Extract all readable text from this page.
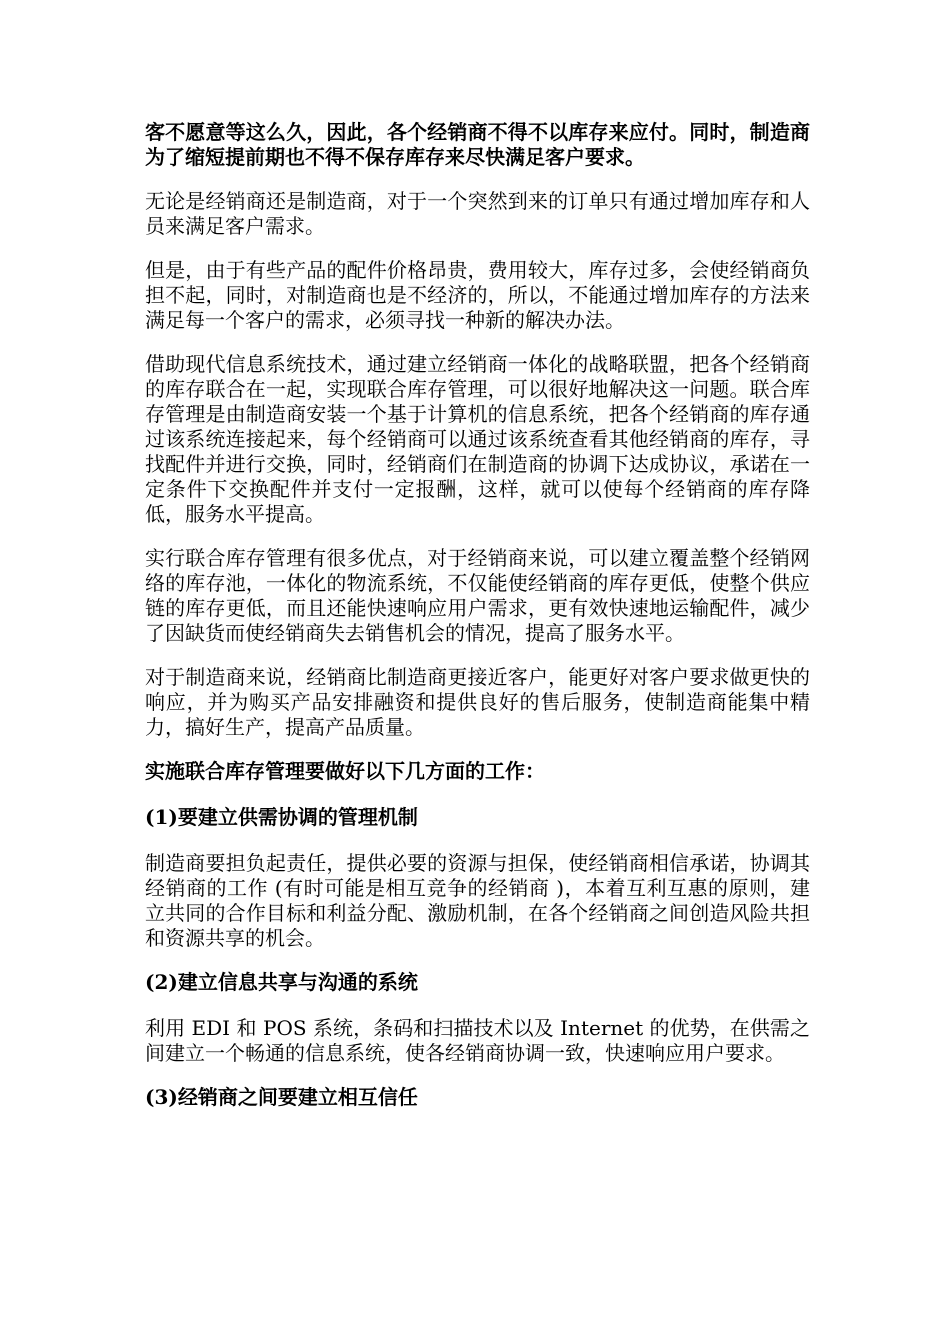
客不愿意等这么久，因此，各个经销商不得不以库存来应付。同时，制造商为了缩短提前期也不得不保存库存来尽快满足客户要求。

无论是经销商还是制造商，对于一个突然到来的订单只有通过增加库存和人员来满足客户需求。

但是，由于有些产品的配件价格昂贵，费用较大，库存过多，会使经销商负担不起，同时，对制造商也是不经济的，所以，不能通过增加库存的方法来满足每一个客户的需求，必须寻找一种新的解决办法。

借助现代信息系统技术，通过建立经销商一体化的战略联盟，把各个经销商的库存联合在一起，实现联合库存管理，可以很好地解决这一问题。联合库存管理是由制造商安装一个基于计算机的信息系统，把各个经销商的库存通过该系统连接起来，每个经销商可以通过该系统查看其他经销商的库存，寻找配件并进行交换，同时，经销商们在制造商的协调下达成协议，承诺在一定条件下交换配件并支付一定报酬，这样，就可以使每个经销商的库存降低，服务水平提高。

实行联合库存管理有很多优点，对于经销商来说，可以建立覆盖整个经销网络的库存池，一体化的物流系统，不仅能使经销商的库存更低，使整个供应链的库存更低，而且还能快速响应用户需求，更有效快速地运输配件，减少了因缺货而使经销商失去销售机会的情况，提高了服务水平。

对于制造商来说，经销商比制造商更接近客户，能更好对客户要求做更快的响应，并为购买产品安排融资和提供良好的售后服务，使制造商能集中精力，搞好生产，提高产品质量。

实施联合库存管理要做好以下几方面的工作：

(1)要建立供需协调的管理机制

制造商要担负起责任，提供必要的资源与担保，使经销商相信承诺，协调其经销商的工作 (有时可能是相互竞争的经销商 )，本着互利互惠的原则，建立共同的合作目标和利益分配、激励机制，在各个经销商之间创造风险共担和资源共享的机会。

(2)建立信息共享与沟通的系统

利用 EDI 和 POS 系统，条码和扫描技术以及 Internet 的优势，在供需之间建立一个畅通的信息系统，使各经销商协调一致，快速响应用户要求。

(3)经销商之间要建立相互信任
